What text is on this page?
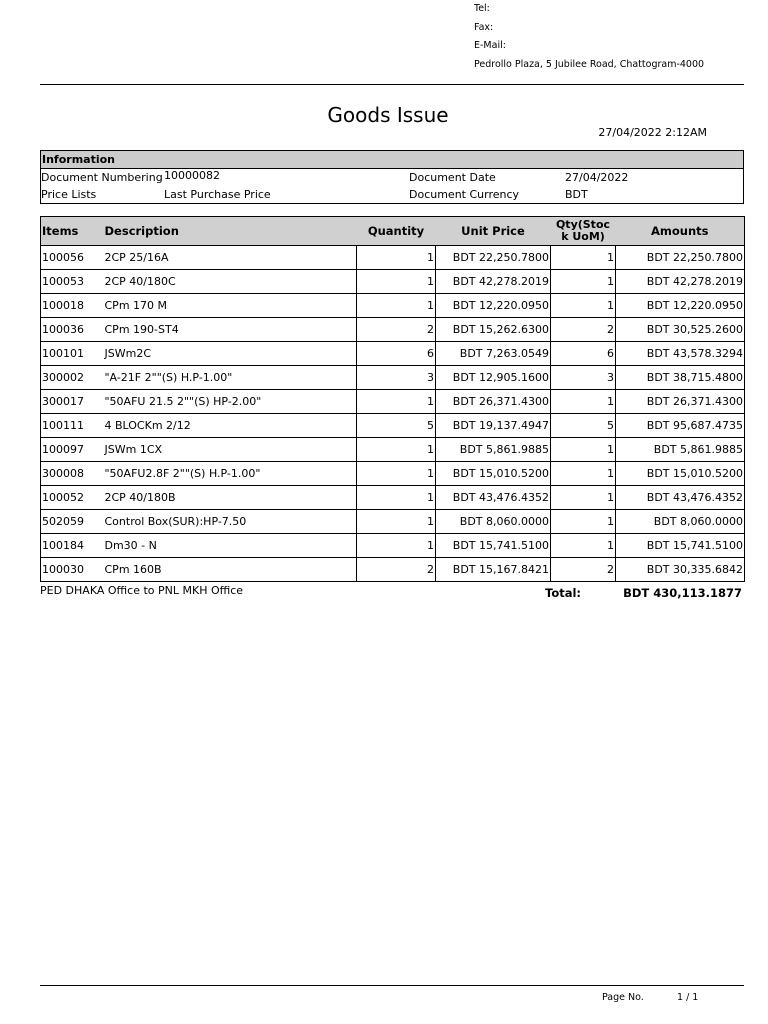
Tel:
Fax:
E-Mail:
Pedrollo Plaza, 5 Jubilee Road, Chattogram-4000
Goods Issue
27/04/2022 2:12AM
Information
Document Numbering 10000082	Document Date	27/04/2022
Price Lists	Last Purchase Price	Document Currency	BDT
Items	Description	Quantity	Unit Price	Qty(Stoc k UoM)	Amounts
100056	2CP 25/16A	1	BDT 22,250.7800	1	BDT 22,250.7800
100053	2CP 40/180C	1	BDT 42,278.2019	1	BDT 42,278.2019
100018	CPm 170 M	1	BDT 12,220.0950	1	BDT 12,220.0950
100036	CPm 190-ST4	2	BDT 15,262.6300	2	BDT 30,525.2600
100101	JSWm2C	6	BDT 7,263.0549	6	BDT 43,578.3294
300002	"A-21F 2""(S) H.P-1.00"	3	BDT 12,905.1600	3	BDT 38,715.4800
300017	"50AFU 21.5 2""(S) HP-2.00"	1	BDT 26,371.4300	1	BDT 26,371.4300
100111	4 BLOCKm 2/12	5	BDT 19,137.4947	5	BDT 95,687.4735
100097	JSWm 1CX	1	BDT 5,861.9885	1	BDT 5,861.9885
300008	"50AFU2.8F 2""(S) H.P-1.00"	1	BDT 15,010.5200	1	BDT 15,010.5200
100052	2CP 40/180B	1	BDT 43,476.4352	1	BDT 43,476.4352
502059	Control Box(SUR):HP-7.50	1	BDT 8,060.0000	1	BDT 8,060.0000
100184	Dm30 - N	1	BDT 15,741.5100	1	BDT 15,741.5100
100030	CPm 160B	2	BDT 15,167.8421	2	BDT 30,335.6842
PED DHAKA Office to PNL MKH Office	Total:	BDT 430,113.1877
Page No.	1 / 1
